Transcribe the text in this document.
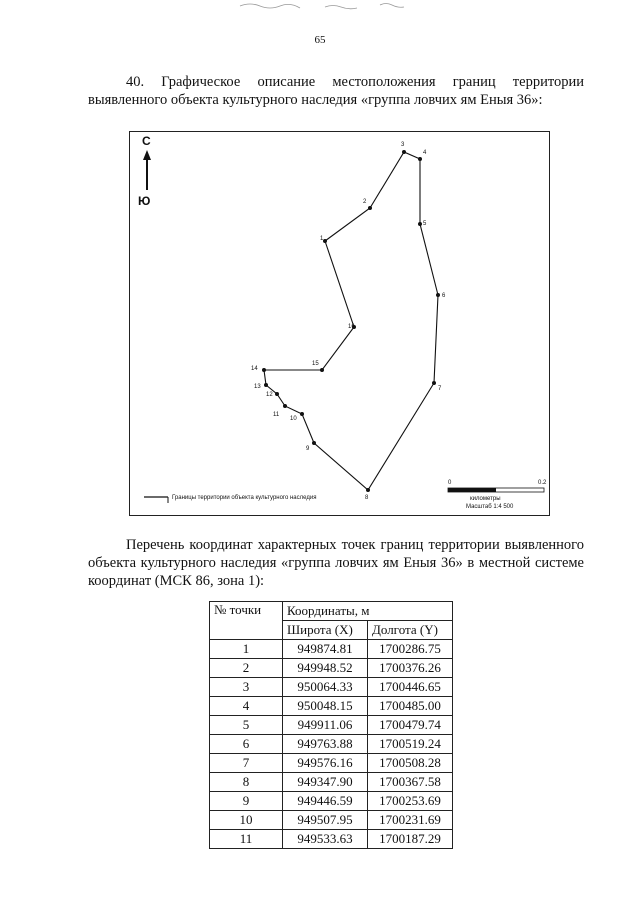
65
40. Графическое описание местоположения границ территории выявленного объекта культурного наследия «группа ловчих ям Еныя 36»:
С
Ю
Границы территории объекта культурного наследия
0	0.2
километры
Масштаб 1:4 500
1
2
3
4
5
6
7
8
9
10
11
12
13
14
15
16
Перечень координат характерных точек границ территории выявленного объекта культурного наследия «группа ловчих ям Еныя 36» в местной системе координат (МСК 86, зона 1):
№ точки	Координаты, м	
	Широта (X)	Долгота (Y)
1	949874.81	1700286.75
2	949948.52	1700376.26
3	950064.33	1700446.65
4	950048.15	1700485.00
5	949911.06	1700479.74
6	949763.88	1700519.24
7	949576.16	1700508.28
8	949347.90	1700367.58
9	949446.59	1700253.69
10	949507.95	1700231.69
11	949533.63	1700187.29
